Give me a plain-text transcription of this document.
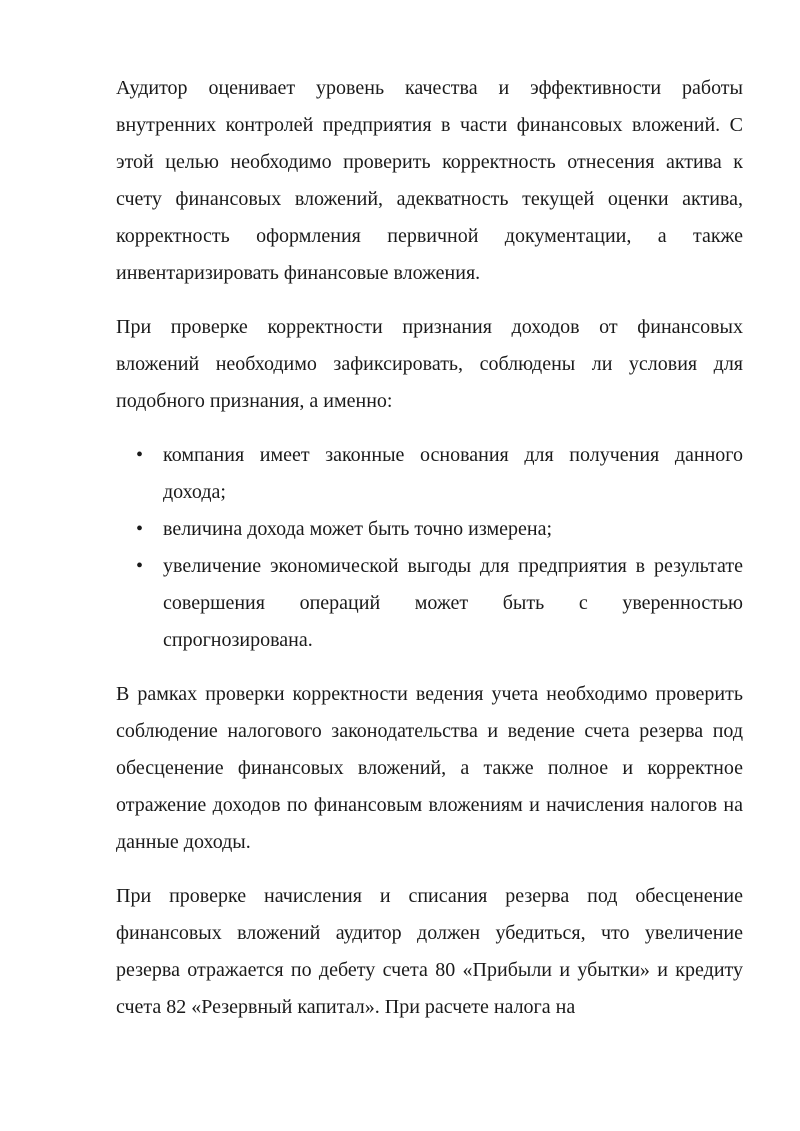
Аудитор оценивает уровень качества и эффективности работы внутренних контролей предприятия в части финансовых вложений. С этой целью необходимо проверить корректность отнесения актива к счету финансовых вложений, адекватность текущей оценки актива, корректность оформления первичной документации, а также инвентаризировать финансовые вложения.

При проверке корректности признания доходов от финансовых вложений необходимо зафиксировать, соблюдены ли условия для подобного признания, а именно:

• компания имеет законные основания для получения данного дохода;
• величина дохода может быть точно измерена;
• увеличение экономической выгоды для предприятия в результате совершения операций может быть с уверенностью спрогнозирована.

В рамках проверки корректности ведения учета необходимо проверить соблюдение налогового законодательства и ведение счета резерва под обесценение финансовых вложений, а также полное и корректное отражение доходов по финансовым вложениям и начисления налогов на данные доходы.

При проверке начисления и списания резерва под обесценение финансовых вложений аудитор должен убедиться, что увеличение резерва отражается по дебету счета 80 «Прибыли и убытки» и кредиту счета 82 «Резервный капитал». При расчете налога на
